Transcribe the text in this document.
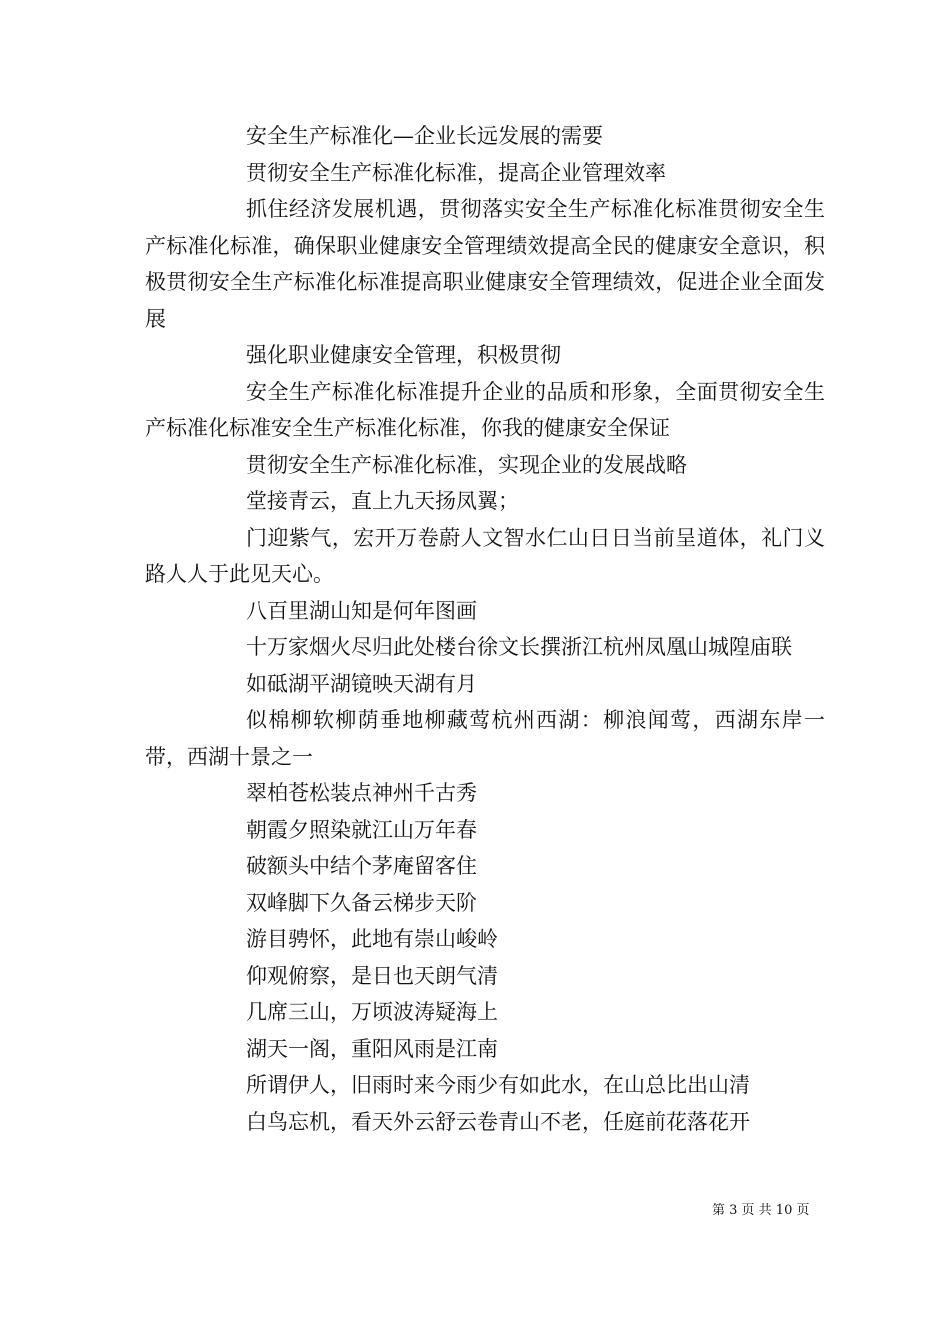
安全生产标准化—企业长远发展的需要

贯彻安全生产标准化标准，提高企业管理效率

抓住经济发展机遇，贯彻落实安全生产标准化标准贯彻安全生产标准化标准，确保职业健康安全管理绩效提高全民的健康安全意识，积极贯彻安全生产标准化标准提高职业健康安全管理绩效，促进企业全面发展

强化职业健康安全管理，积极贯彻

安全生产标准化标准提升企业的品质和形象，全面贯彻安全生产标准化标准安全生产标准化标准，你我的健康安全保证

贯彻安全生产标准化标准，实现企业的发展战略

堂接青云，直上九天扬凤翼；

门迎紫气，宏开万卷蔚人文智水仁山日日当前呈道体，礼门义路人人于此见天心。

八百里湖山知是何年图画

十万家烟火尽归此处楼台徐文长撰浙江杭州凤凰山城隍庙联

如砥湖平湖镜映天湖有月

似棉柳软柳荫垂地柳藏莺杭州西湖：柳浪闻莺，西湖东岸一带，西湖十景之一

翠柏苍松装点神州千古秀

朝霞夕照染就江山万年春

破额头中结个茅庵留客住

双峰脚下久备云梯步天阶

游目骋怀，此地有崇山峻岭

仰观俯察，是日也天朗气清

几席三山，万顷波涛疑海上

湖天一阁，重阳风雨是江南

所谓伊人，旧雨时来今雨少有如此水，在山总比出山清

白鸟忘机，看天外云舒云卷青山不老，任庭前花落花开

第 3 页 共 10 页
